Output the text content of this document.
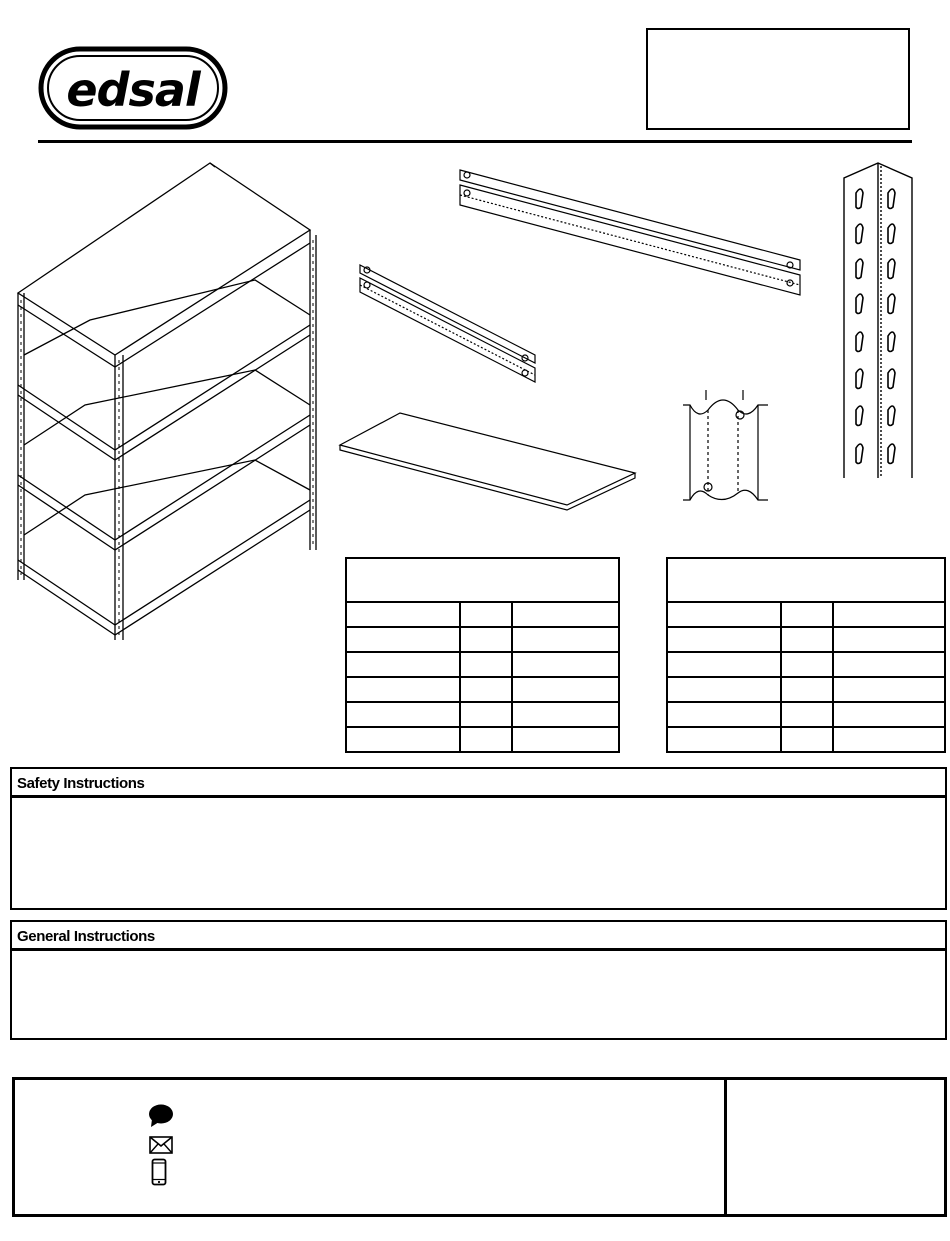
edsal

Safety Instructions
General Instructions
